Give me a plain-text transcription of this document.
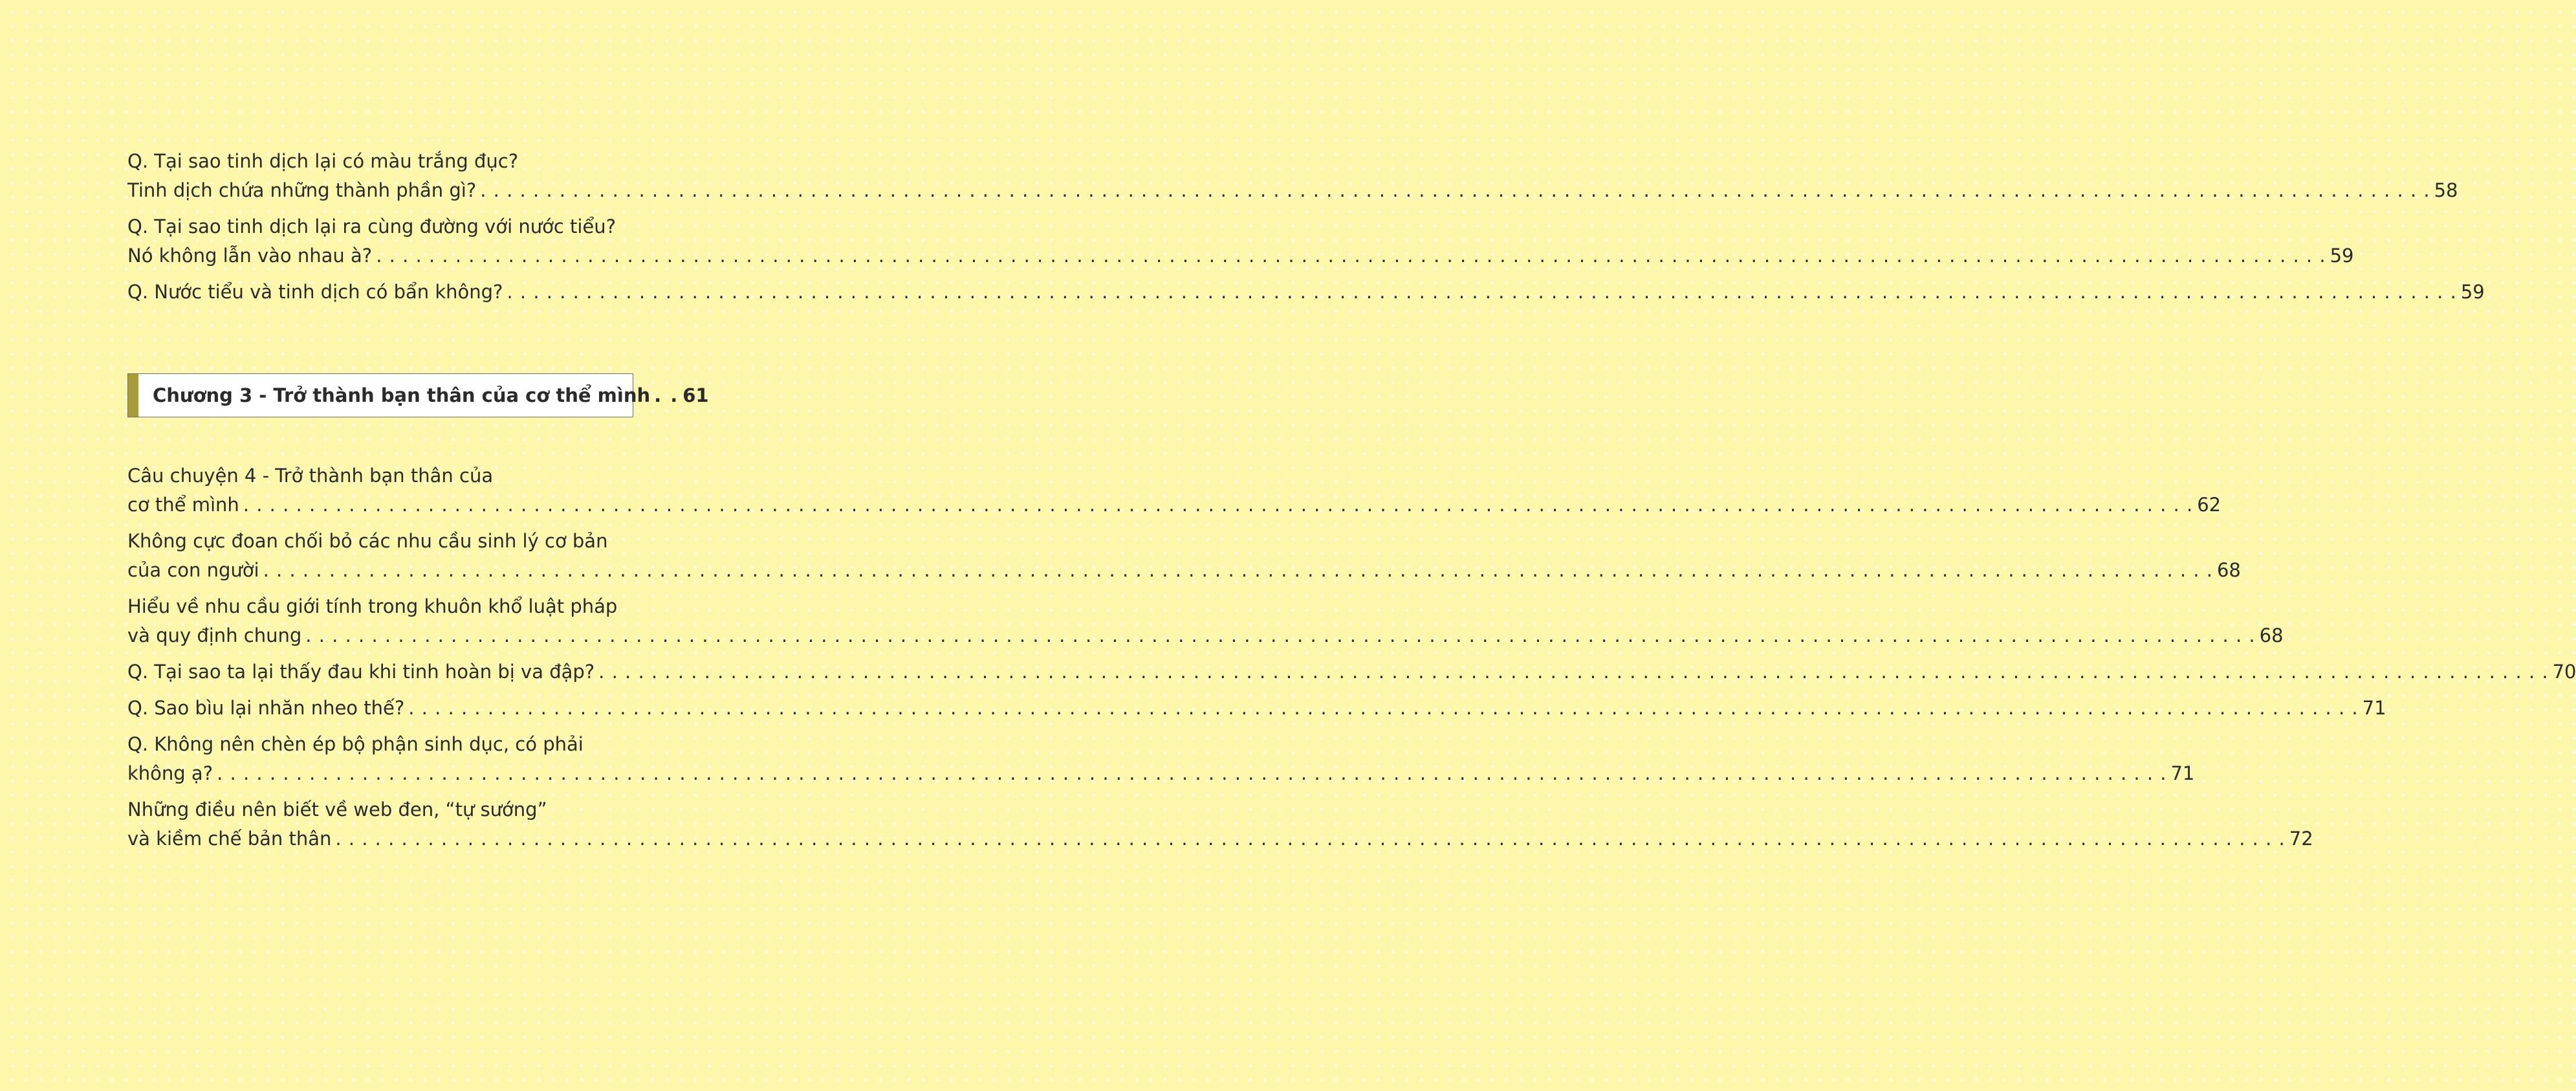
Q. Tại sao tinh dịch lại có màu trắng đục?
Tinh dịch chứa những thành phần gì? . . .	58
Q. Tại sao tinh dịch lại ra cùng đường với nước tiểu?
Nó không lẫn vào nhau à? . . .	59
Q. Nước tiểu và tinh dịch có bẩn không? . . .	59
Chương 3 - Trở thành bạn thân của cơ thể mình . . 61
Câu chuyện 4 - Trở thành bạn thân của
cơ thể mình . . .	62
Không cực đoan chối bỏ các nhu cầu sinh lý cơ bản
của con người . . .	68
Hiểu về nhu cầu giới tính trong khuôn khổ luật pháp
và quy định chung . . .	68
Q. Tại sao ta lại thấy đau khi tinh hoàn bị va đập? . . .	70
Q. Sao bìu lại nhăn nheo thế? . . .	71
Q. Không nên chèn ép bộ phận sinh dục, có phải
không ạ? . . .	71
Những điều nên biết về web đen, “tự sướng”
và kiềm chế bản thân . . .	72
